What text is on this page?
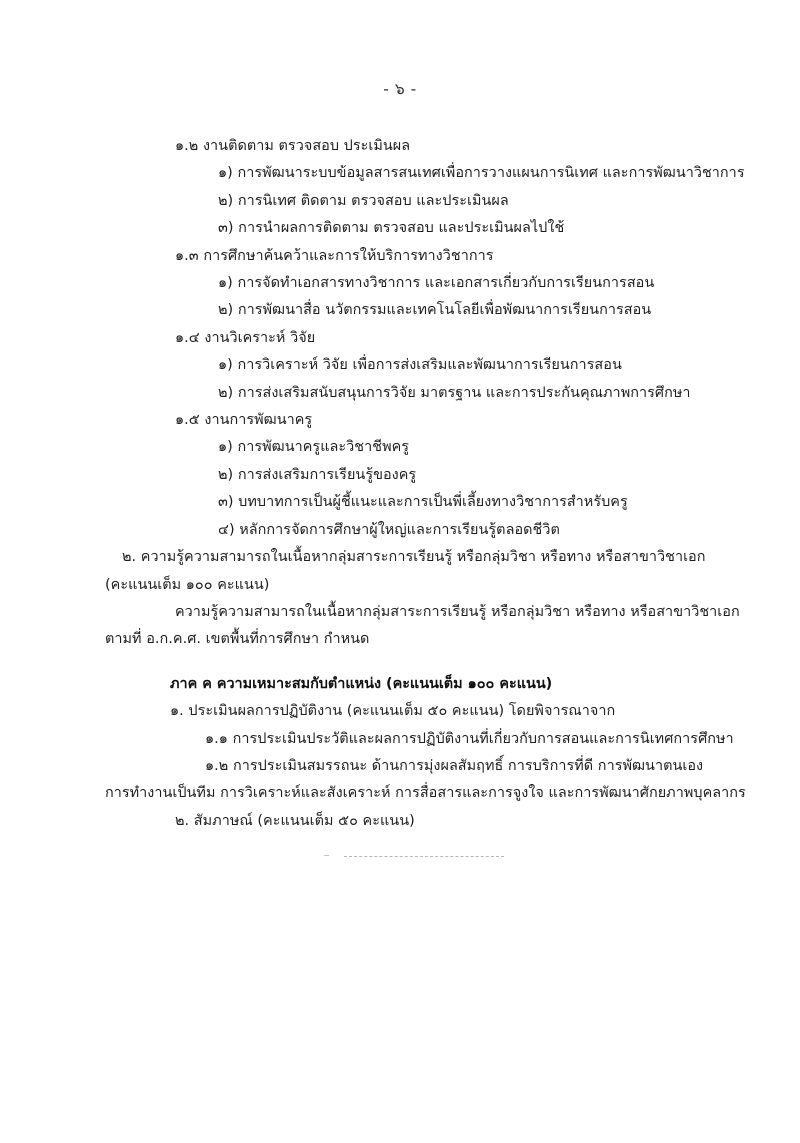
- ๖ -
๑.๒ งานติดตาม ตรวจสอบ ประเมินผล
๑) การพัฒนาระบบข้อมูลสารสนเทศเพื่อการวางแผนการนิเทศ และการพัฒนาวิชาการ
๒) การนิเทศ ติดตาม ตรวจสอบ และประเมินผล
๓) การนำผลการติดตาม ตรวจสอบ และประเมินผลไปใช้
๑.๓ การศึกษาค้นคว้าและการให้บริการทางวิชาการ
๑) การจัดทำเอกสารทางวิชาการ และเอกสารเกี่ยวกับการเรียนการสอน
๒) การพัฒนาสื่อ นวัตกรรมและเทคโนโลยีเพื่อพัฒนาการเรียนการสอน
๑.๔ งานวิเคราะห์ วิจัย
๑) การวิเคราะห์ วิจัย เพื่อการส่งเสริมและพัฒนาการเรียนการสอน
๒) การส่งเสริมสนับสนุนการวิจัย มาตรฐาน และการประกันคุณภาพการศึกษา
๑.๕ งานการพัฒนาครู
๑) การพัฒนาครูและวิชาชีพครู
๒) การส่งเสริมการเรียนรู้ของครู
๓) บทบาทการเป็นผู้ชี้แนะและการเป็นพี่เลี้ยงทางวิชาการสำหรับครู
๔) หลักการจัดการศึกษาผู้ใหญ่และการเรียนรู้ตลอดชีวิต
๒. ความรู้ความสามารถในเนื้อหากลุ่มสาระการเรียนรู้ หรือกลุ่มวิชา หรือทาง หรือสาขาวิชาเอก
(คะแนนเต็ม ๑๐๐ คะแนน)
ความรู้ความสามารถในเนื้อหากลุ่มสาระการเรียนรู้ หรือกลุ่มวิชา หรือทาง หรือสาขาวิชาเอก
ตามที่ อ.ก.ค.ศ. เขตพื้นที่การศึกษา กำหนด
ภาค ค ความเหมาะสมกับตำแหน่ง (คะแนนเต็ม ๑๐๐ คะแนน)
๑. ประเมินผลการปฏิบัติงาน (คะแนนเต็ม ๕๐ คะแนน) โดยพิจารณาจาก
๑.๑ การประเมินประวัติและผลการปฏิบัติงานที่เกี่ยวกับการสอนและการนิเทศการศึกษา
๑.๒ การประเมินสมรรถนะ ด้านการมุ่งผลสัมฤทธิ์ การบริการที่ดี การพัฒนาตนเอง
การทำงานเป็นทีม การวิเคราะห์และสังเคราะห์ การสื่อสารและการจูงใจ และการพัฒนาศักยภาพบุคลากร
๒. สัมภาษณ์ (คะแนนเต็ม ๕๐ คะแนน)
